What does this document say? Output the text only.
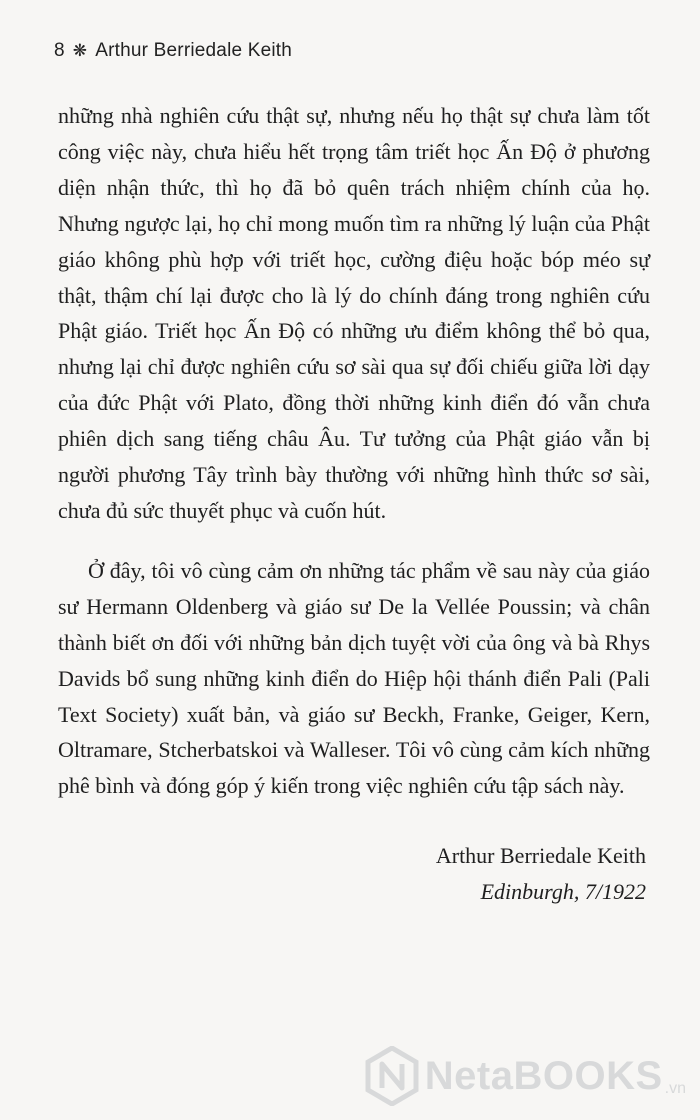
8 ❋ Arthur Berriedale Keith

những nhà nghiên cứu thật sự, nhưng nếu họ thật sự chưa làm tốt công việc này, chưa hiểu hết trọng tâm triết học Ấn Độ ở phương diện nhận thức, thì họ đã bỏ quên trách nhiệm chính của họ. Nhưng ngược lại, họ chỉ mong muốn tìm ra những lý luận của Phật giáo không phù hợp với triết học, cường điệu hoặc bóp méo sự thật, thậm chí lại được cho là lý do chính đáng trong nghiên cứu Phật giáo. Triết học Ấn Độ có những ưu điểm không thể bỏ qua, nhưng lại chỉ được nghiên cứu sơ sài qua sự đối chiếu giữa lời dạy của đức Phật với Plato, đồng thời những kinh điển đó vẫn chưa phiên dịch sang tiếng châu Âu. Tư tưởng của Phật giáo vẫn bị người phương Tây trình bày thường với những hình thức sơ sài, chưa đủ sức thuyết phục và cuốn hút.

Ở đây, tôi vô cùng cảm ơn những tác phẩm về sau này của giáo sư Hermann Oldenberg và giáo sư De la Vellée Poussin; và chân thành biết ơn đối với những bản dịch tuyệt vời của ông và bà Rhys Davids bổ sung những kinh điển do Hiệp hội thánh điển Pali (Pali Text Society) xuất bản, và giáo sư Beckh, Franke, Geiger, Kern, Oltramare, Stcherbatskoi và Walleser. Tôi vô cùng cảm kích những phê bình và đóng góp ý kiến trong việc nghiên cứu tập sách này.

Arthur Berriedale Keith
Edinburgh, 7/1922
NetaBOOKS .vn
